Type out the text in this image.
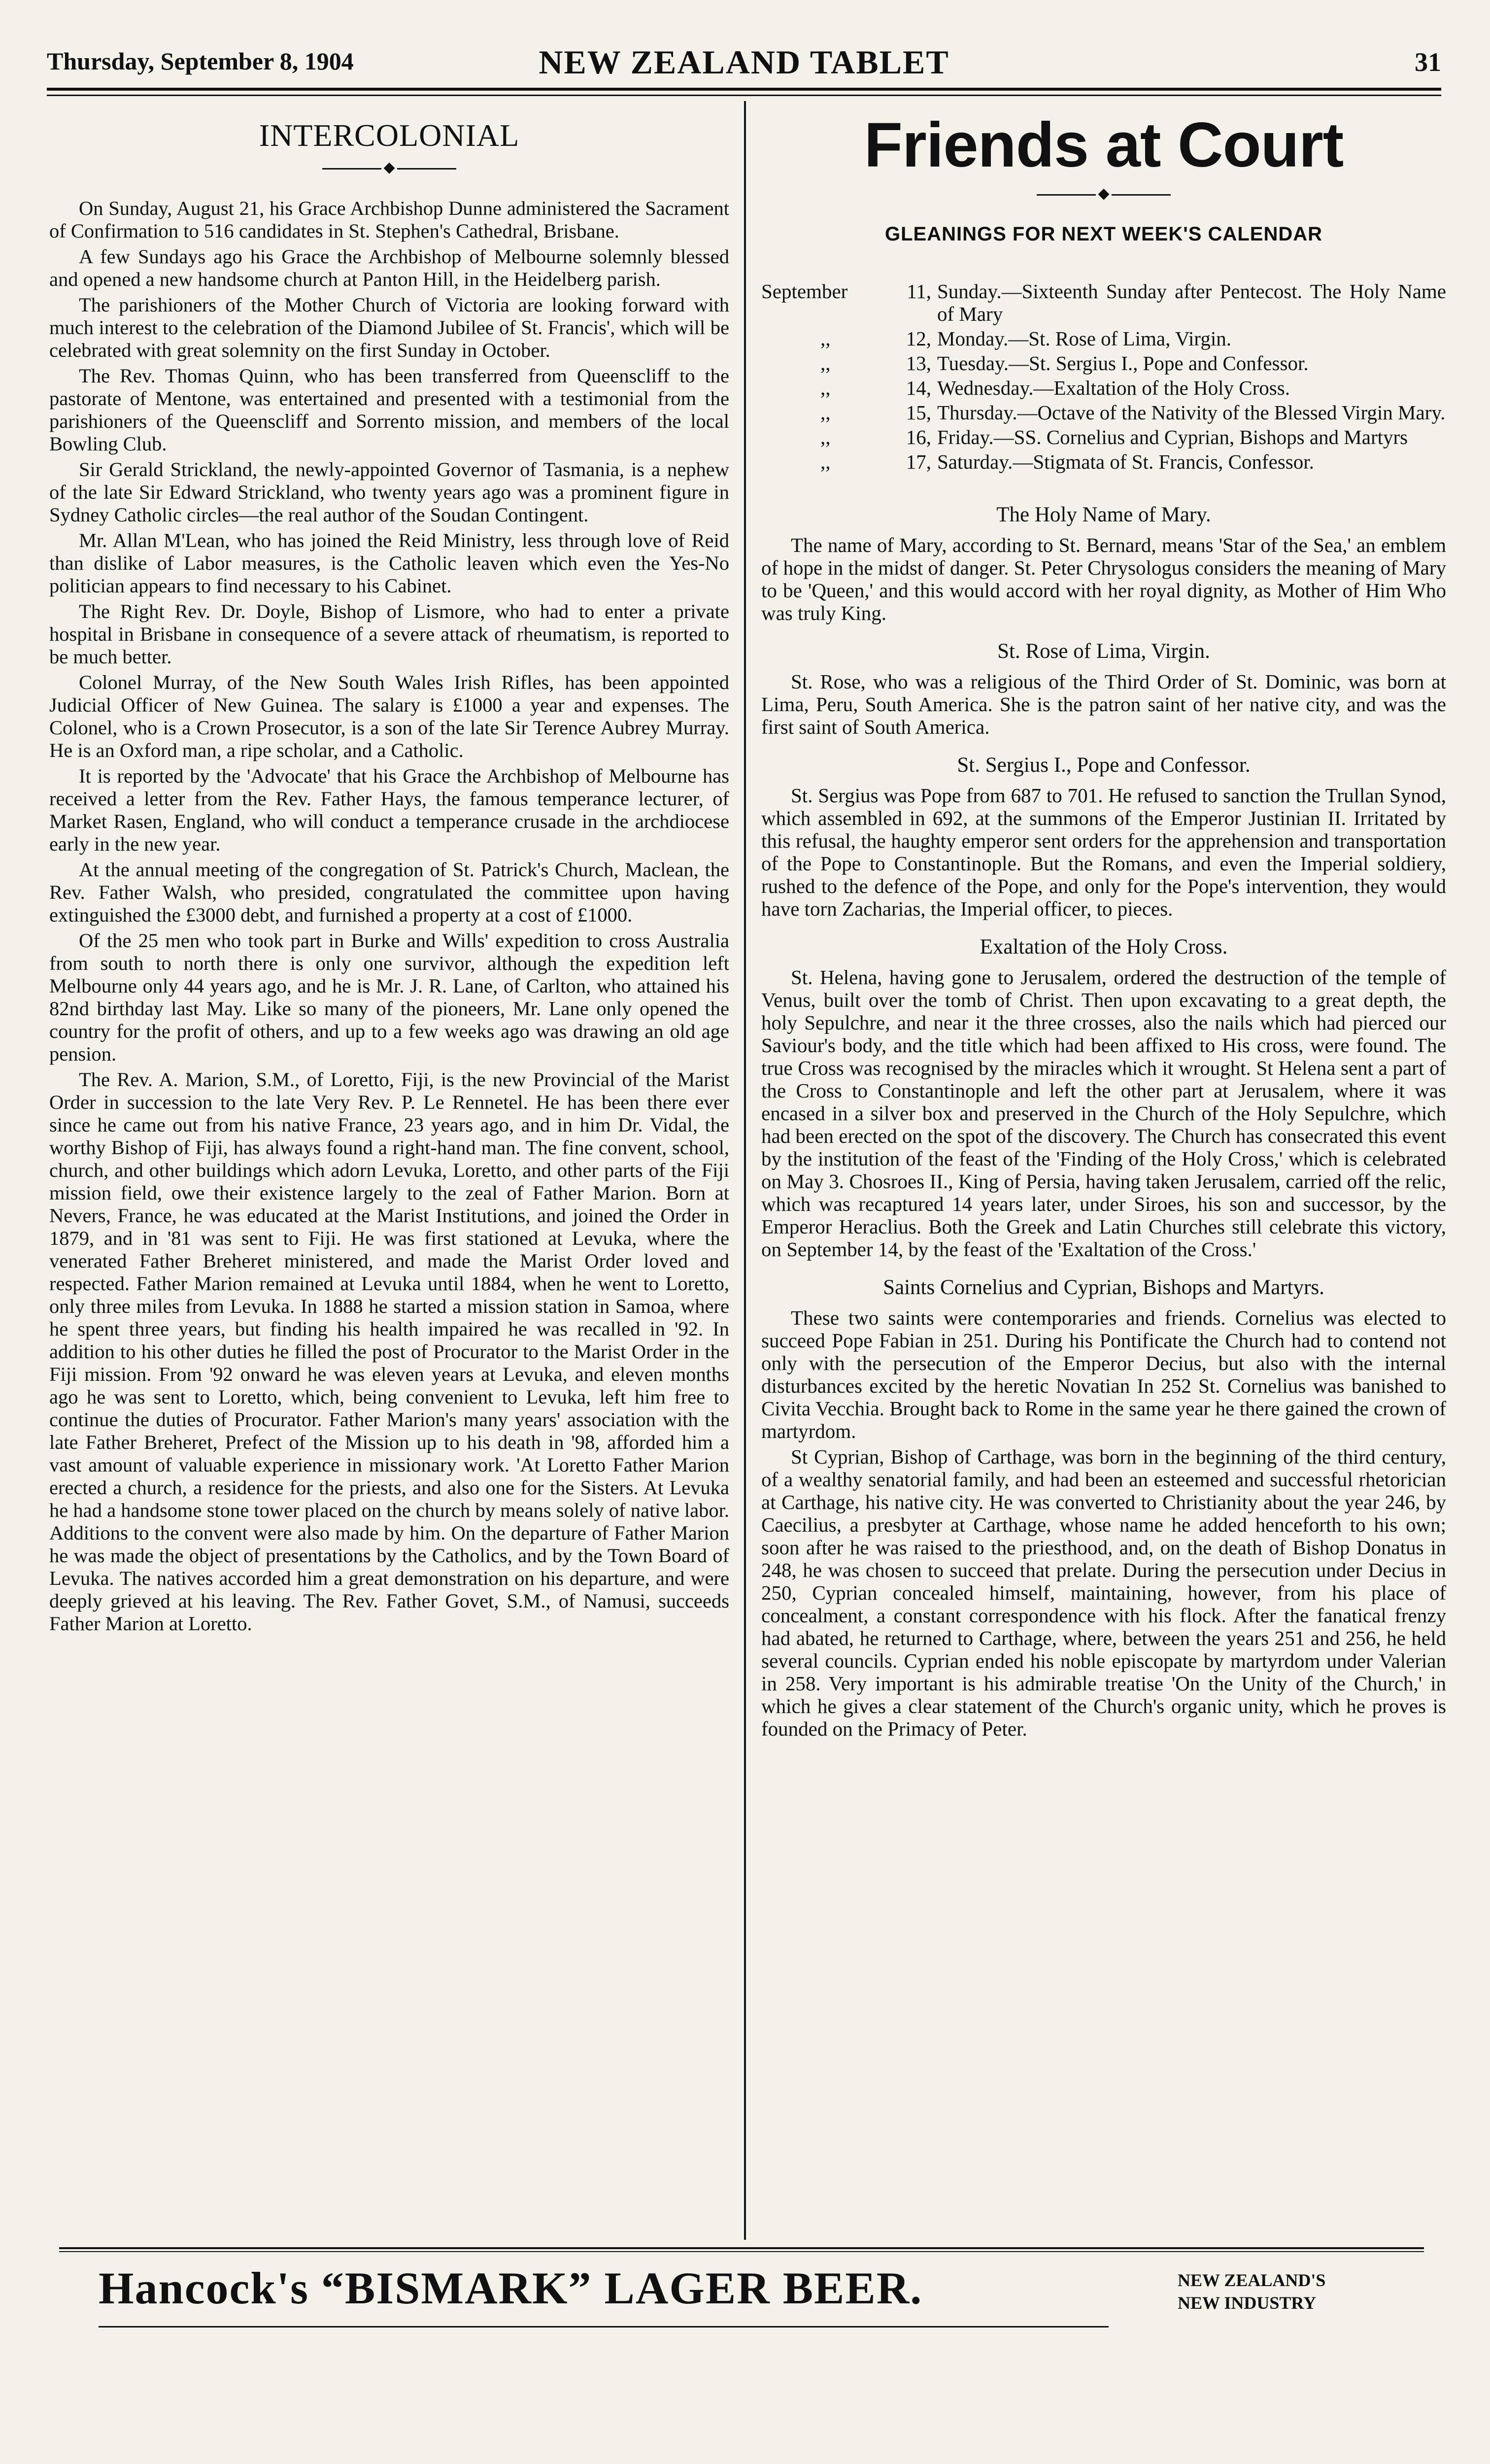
Thursday, September 8, 1904	NEW ZEALAND TABLET	31
INTERCOLONIAL
◆

On Sunday, August 21, his Grace Archbishop Dunne administered the Sacrament of Confirmation to 516 candidates in St. Stephen's Cathedral, Brisbane.

A few Sundays ago his Grace the Archbishop of Melbourne solemnly blessed and opened a new handsome church at Panton Hill, in the Heidelberg parish.

The parishioners of the Mother Church of Victoria are looking forward with much interest to the celebration of the Diamond Jubilee of St. Francis', which will be celebrated with great solemnity on the first Sunday in October.

The Rev. Thomas Quinn, who has been transferred from Queenscliff to the pastorate of Mentone, was entertained and presented with a testimonial from the parishioners of the Queenscliff and Sorrento mission, and members of the local Bowling Club.

Sir Gerald Strickland, the newly-appointed Governor of Tasmania, is a nephew of the late Sir Edward Strickland, who twenty years ago was a prominent figure in Sydney Catholic circles—the real author of the Soudan Contingent.

Mr. Allan M'Lean, who has joined the Reid Ministry, less through love of Reid than dislike of Labor measures, is the Catholic leaven which even the Yes-No politician appears to find necessary to his Cabinet.

The Right Rev. Dr. Doyle, Bishop of Lismore, who had to enter a private hospital in Brisbane in consequence of a severe attack of rheumatism, is reported to be much better.

Colonel Murray, of the New South Wales Irish Rifles, has been appointed Judicial Officer of New Guinea. The salary is £1000 a year and expenses. The Colonel, who is a Crown Prosecutor, is a son of the late Sir Terence Aubrey Murray. He is an Oxford man, a ripe scholar, and a Catholic.

It is reported by the 'Advocate' that his Grace the Archbishop of Melbourne has received a letter from the Rev. Father Hays, the famous temperance lecturer, of Market Rasen, England, who will conduct a temperance crusade in the archdiocese early in the new year.

At the annual meeting of the congregation of St. Patrick's Church, Maclean, the Rev. Father Walsh, who presided, congratulated the committee upon having extinguished the £3000 debt, and furnished a property at a cost of £1000.

Of the 25 men who took part in Burke and Wills' expedition to cross Australia from south to north there is only one survivor, although the expedition left Melbourne only 44 years ago, and he is Mr. J. R. Lane, of Carlton, who attained his 82nd birthday last May. Like so many of the pioneers, Mr. Lane only opened the country for the profit of others, and up to a few weeks ago was drawing an old age pension.

The Rev. A. Marion, S.M., of Loretto, Fiji, is the new Provincial of the Marist Order in succession to the late Very Rev. P. Le Rennetel. He has been there ever since he came out from his native France, 23 years ago, and in him Dr. Vidal, the worthy Bishop of Fiji, has always found a right-hand man. The fine convent, school, church, and other buildings which adorn Levuka, Loretto, and other parts of the Fiji mission field, owe their existence largely to the zeal of Father Marion. Born at Nevers, France, he was educated at the Marist Institutions, and joined the Order in 1879, and in '81 was sent to Fiji. He was first stationed at Levuka, where the venerated Father Breheret ministered, and made the Marist Order loved and respected. Father Marion remained at Levuka until 1884, when he went to Loretto, only three miles from Levuka. In 1888 he started a mission station in Samoa, where he spent three years, but finding his health impaired he was recalled in '92. In addition to his other duties he filled the post of Procurator to the Marist Order in the Fiji mission. From '92 onward he was eleven years at Levuka, and eleven months ago he was sent to Loretto, which, being convenient to Levuka, left him free to continue the duties of Procurator. Father Marion's many years' association with the late Father Breheret, Prefect of the Mission up to his death in '98, afforded him a vast amount of valuable experience in missionary work. 'At Loretto Father Marion erected a church, a residence for the priests, and also one for the Sisters. At Levuka he had a handsome stone tower placed on the church by means solely of native labor. Additions to the convent were also made by him. On the departure of Father Marion he was made the object of presentations by the Catholics, and by the Town Board of Levuka. The natives accorded him a great demonstration on his departure, and were deeply grieved at his leaving. The Rev. Father Govet, S.M., of Namusi, succeeds Father Marion at Loretto.

Friends at Court
◆
GLEANINGS FOR NEXT WEEK'S CALENDAR
September	11, Sunday.—Sixteenth Sunday after Pentecost. The Holy Name of Mary
,,	12, Monday.—St. Rose of Lima, Virgin.
,,	13, Tuesday.—St. Sergius I., Pope and Confessor.
,,	14, Wednesday.—Exaltation of the Holy Cross.
,,	15, Thursday.—Octave of the Nativity of the Blessed Virgin Mary.
,,	16, Friday.—SS. Cornelius and Cyprian, Bishops and Martyrs
,,	17, Saturday.—Stigmata of St. Francis, Confessor.
The Holy Name of Mary.

The name of Mary, according to St. Bernard, means 'Star of the Sea,' an emblem of hope in the midst of danger. St. Peter Chrysologus considers the meaning of Mary to be 'Queen,' and this would accord with her royal dignity, as Mother of Him Who was truly King.

St. Rose of Lima, Virgin.

St. Rose, who was a religious of the Third Order of St. Dominic, was born at Lima, Peru, South America. She is the patron saint of her native city, and was the first saint of South America.

St. Sergius I., Pope and Confessor.

St. Sergius was Pope from 687 to 701. He refused to sanction the Trullan Synod, which assembled in 692, at the summons of the Emperor Justinian II. Irritated by this refusal, the haughty emperor sent orders for the apprehension and transportation of the Pope to Constantinople. But the Romans, and even the Imperial soldiery, rushed to the defence of the Pope, and only for the Pope's intervention, they would have torn Zacharias, the Imperial officer, to pieces.

Exaltation of the Holy Cross.

St. Helena, having gone to Jerusalem, ordered the destruction of the temple of Venus, built over the tomb of Christ. Then upon excavating to a great depth, the holy Sepulchre, and near it the three crosses, also the nails which had pierced our Saviour's body, and the title which had been affixed to His cross, were found. The true Cross was recognised by the miracles which it wrought. St Helena sent a part of the Cross to Constantinople and left the other part at Jerusalem, where it was encased in a silver box and preserved in the Church of the Holy Sepulchre, which had been erected on the spot of the discovery. The Church has consecrated this event by the institution of the feast of the 'Finding of the Holy Cross,' which is celebrated on May 3. Chosroes II., King of Persia, having taken Jerusalem, carried off the relic, which was recaptured 14 years later, under Siroes, his son and successor, by the Emperor Heraclius. Both the Greek and Latin Churches still celebrate this victory, on September 14, by the feast of the 'Exaltation of the Cross.'

Saints Cornelius and Cyprian, Bishops and Martyrs.

These two saints were contemporaries and friends. Cornelius was elected to succeed Pope Fabian in 251. During his Pontificate the Church had to contend not only with the persecution of the Emperor Decius, but also with the internal disturbances excited by the heretic Novatian In 252 St. Cornelius was banished to Civita Vecchia. Brought back to Rome in the same year he there gained the crown of martyrdom.

St Cyprian, Bishop of Carthage, was born in the beginning of the third century, of a wealthy senatorial family, and had been an esteemed and successful rhetorician at Carthage, his native city. He was converted to Christianity about the year 246, by Caecilius, a presbyter at Carthage, whose name he added henceforth to his own; soon after he was raised to the priesthood, and, on the death of Bishop Donatus in 248, he was chosen to succeed that prelate. During the persecution under Decius in 250, Cyprian concealed himself, maintaining, however, from his place of concealment, a constant correspondence with his flock. After the fanatical frenzy had abated, he returned to Carthage, where, between the years 251 and 256, he held several councils. Cyprian ended his noble episcopate by martyrdom under Valerian in 258. Very important is his admirable treatise 'On the Unity of the Church,' in which he gives a clear statement of the Church's organic unity, which he proves is founded on the Primacy of Peter.

Hancock's “BISMARK” LAGER BEER.	NEW ZEALAND'S
NEW INDUSTRY
